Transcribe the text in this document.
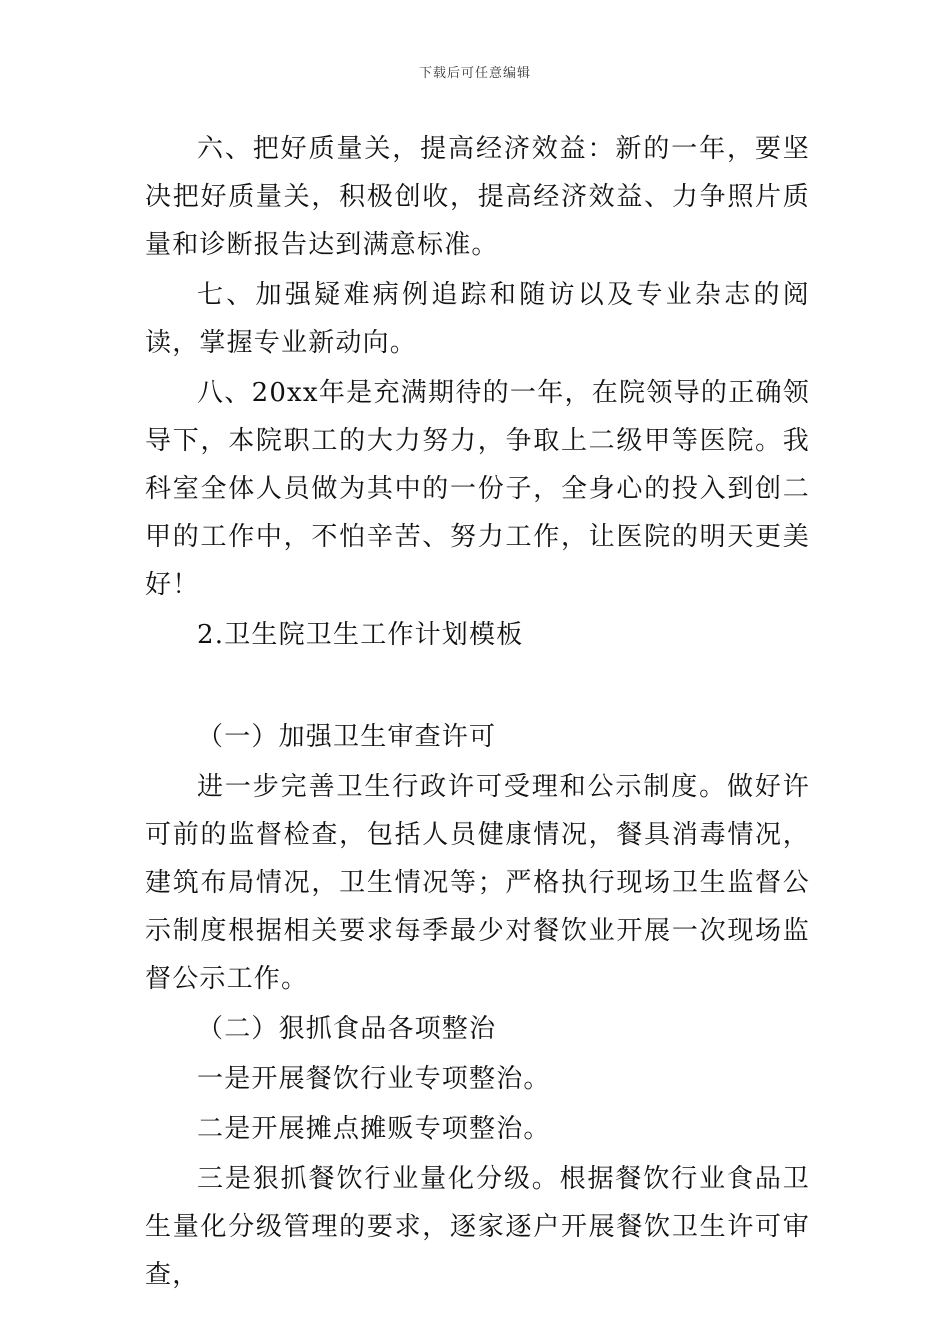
下载后可任意编辑

六、把好质量关，提高经济效益：新的一年，要坚决把好质量关，积极创收，提高经济效益、力争照片质量和诊断报告达到满意标准。

七、加强疑难病例追踪和随访以及专业杂志的阅读，掌握专业新动向。

八、20xx年是充满期待的一年，在院领导的正确领导下，本院职工的大力努力，争取上二级甲等医院。我科室全体人员做为其中的一份子，全身心的投入到创二甲的工作中，不怕辛苦、努力工作，让医院的明天更美好！

2.卫生院卫生工作计划模板

（一）加强卫生审查许可

进一步完善卫生行政许可受理和公示制度。做好许可前的监督检查，包括人员健康情况，餐具消毒情况，建筑布局情况，卫生情况等；严格执行现场卫生监督公示制度根据相关要求每季最少对餐饮业开展一次现场监督公示工作。

（二）狠抓食品各项整治

一是开展餐饮行业专项整治。

二是开展摊点摊贩专项整治。

三是狠抓餐饮行业量化分级。根据餐饮行业食品卫生量化分级管理的要求，逐家逐户开展餐饮卫生许可审查，
